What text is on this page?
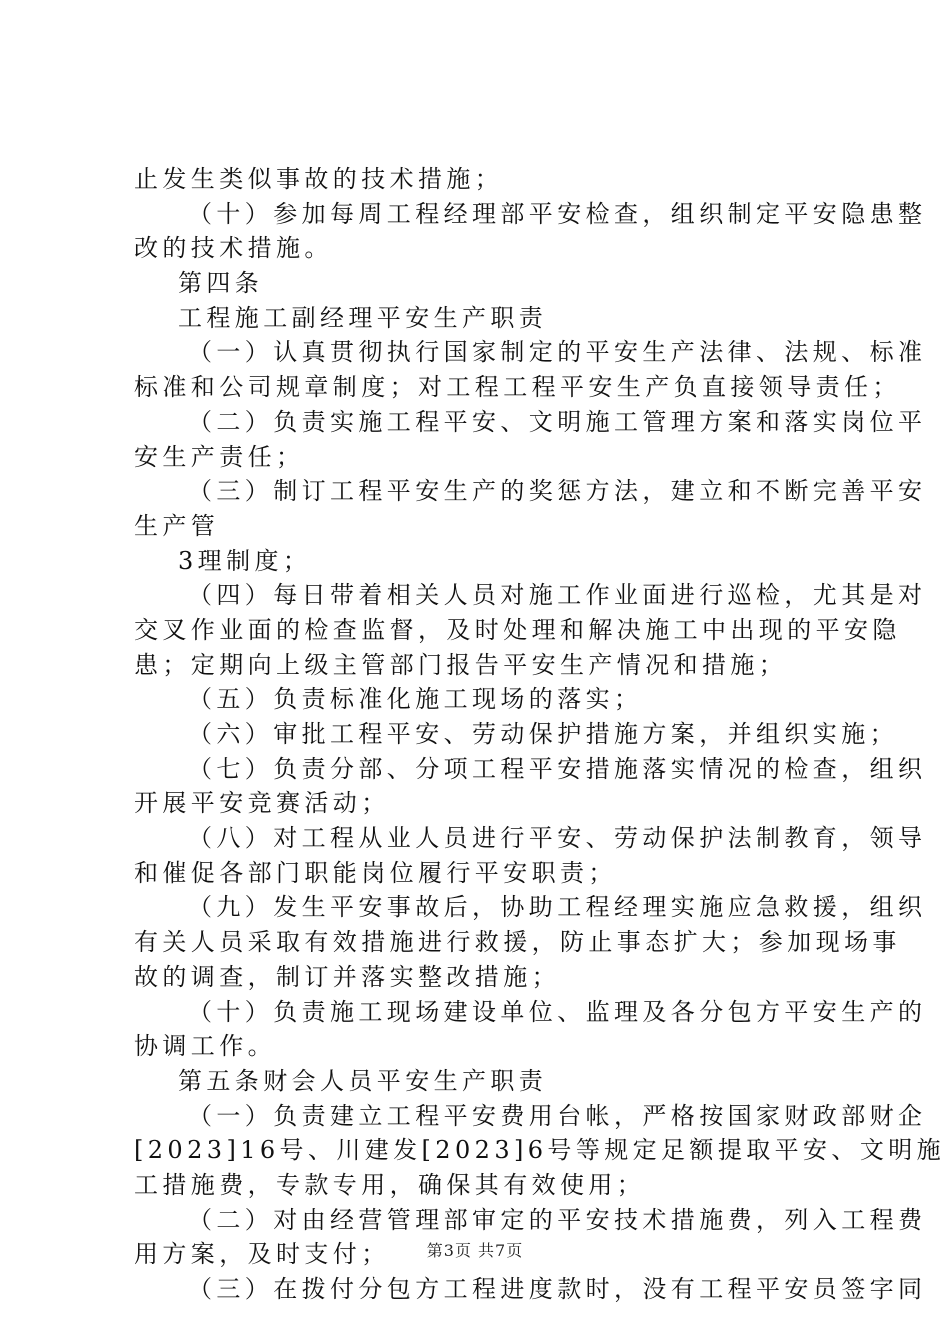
止发生类似事故的技术措施；
（十）参加每周工程经理部平安检查，组织制定平安隐患整
改的技术措施。
第四条
工程施工副经理平安生产职责
（一）认真贯彻执行国家制定的平安生产法律、法规、标准
标准和公司规章制度；对工程工程平安生产负直接领导责任；
（二）负责实施工程平安、文明施工管理方案和落实岗位平
安生产责任；
（三）制订工程平安生产的奖惩方法，建立和不断完善平安
生产管
3理制度；
（四）每日带着相关人员对施工作业面进行巡检，尤其是对
交叉作业面的检查监督，及时处理和解决施工中出现的平安隐
患；定期向上级主管部门报告平安生产情况和措施；
（五）负责标准化施工现场的落实；
（六）审批工程平安、劳动保护措施方案，并组织实施；
（七）负责分部、分项工程平安措施落实情况的检查，组织
开展平安竞赛活动；
（八）对工程从业人员进行平安、劳动保护法制教育，领导
和催促各部门职能岗位履行平安职责；
（九）发生平安事故后，协助工程经理实施应急救援，组织
有关人员采取有效措施进行救援，防止事态扩大；参加现场事
故的调查，制订并落实整改措施；
（十）负责施工现场建设单位、监理及各分包方平安生产的
协调工作。
第五条财会人员平安生产职责
（一）负责建立工程平安费用台帐，严格按国家财政部财企
[2023]16号、川建发[2023]6号等规定足额提取平安、文明施
工措施费，专款专用，确保其有效使用；
（二）对由经营管理部审定的平安技术措施费，列入工程费
用方案，及时支付；
（三）在拨付分包方工程进度款时，没有工程平安员签字同
第3页 共7页
